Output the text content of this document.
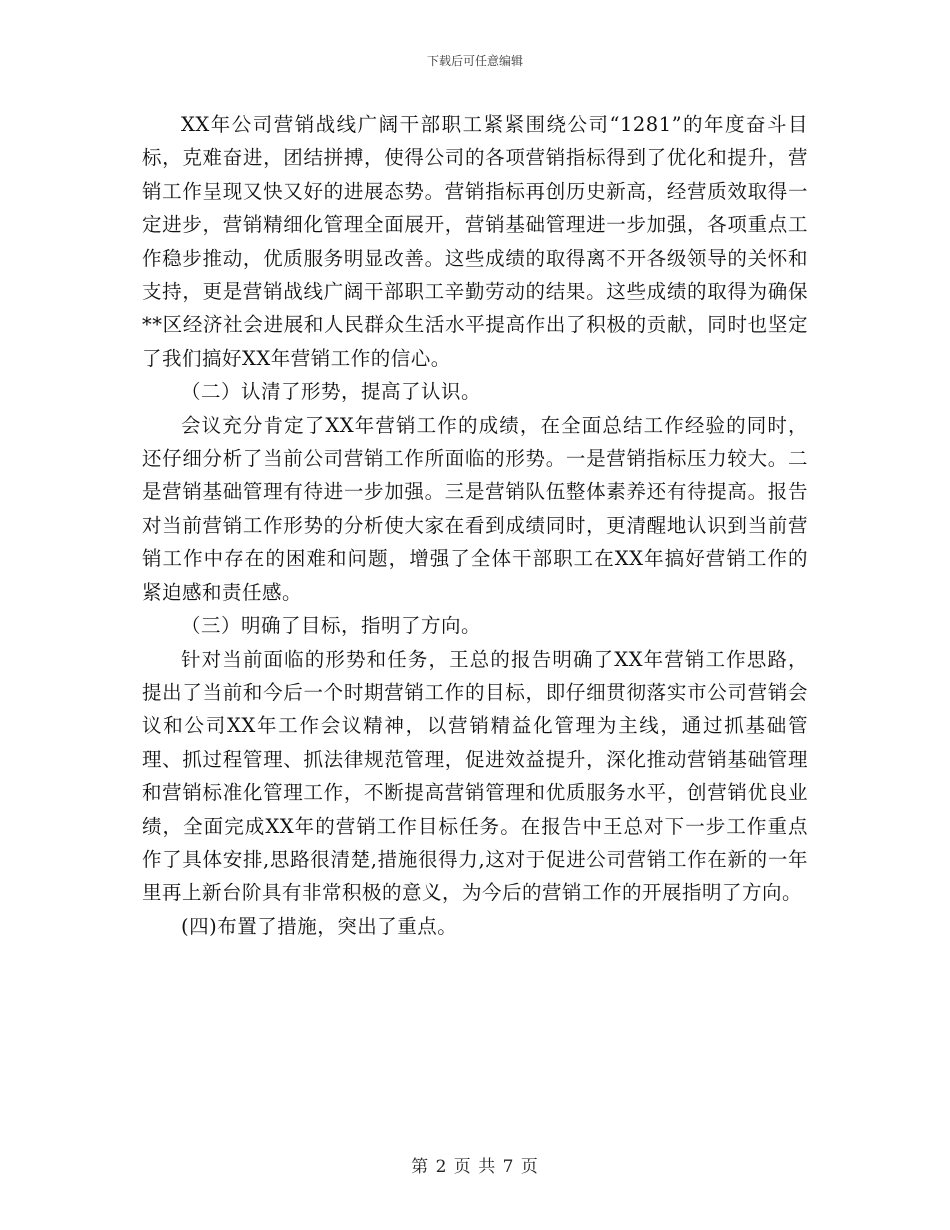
下载后可任意编辑

XX年公司营销战线广阔干部职工紧紧围绕公司“1281”的年度奋斗目标，克难奋进，团结拼搏，使得公司的各项营销指标得到了优化和提升，营销工作呈现又快又好的进展态势。营销指标再创历史新高，经营质效取得一定进步，营销精细化管理全面展开，营销基础管理进一步加强，各项重点工作稳步推动，优质服务明显改善。这些成绩的取得离不开各级领导的关怀和支持，更是营销战线广阔干部职工辛勤劳动的结果。这些成绩的取得为确保**区经济社会进展和人民群众生活水平提高作出了积极的贡献，同时也坚定了我们搞好XX年营销工作的信心。

（二）认清了形势，提高了认识。

会议充分肯定了XX年营销工作的成绩，在全面总结工作经验的同时，还仔细分析了当前公司营销工作所面临的形势。一是营销指标压力较大。二是营销基础管理有待进一步加强。三是营销队伍整体素养还有待提高。报告对当前营销工作形势的分析使大家在看到成绩同时，更清醒地认识到当前营销工作中存在的困难和问题，增强了全体干部职工在XX年搞好营销工作的紧迫感和责任感。

（三）明确了目标，指明了方向。

针对当前面临的形势和任务，王总的报告明确了XX年营销工作思路，提出了当前和今后一个时期营销工作的目标，即仔细贯彻落实市公司营销会议和公司XX年工作会议精神，以营销精益化管理为主线，通过抓基础管理、抓过程管理、抓法律规范管理，促进效益提升，深化推动营销基础管理和营销标准化管理工作，不断提高营销管理和优质服务水平，创营销优良业绩，全面完成XX年的营销工作目标任务。在报告中王总对下一步工作重点作了具体安排,思路很清楚,措施很得力,这对于促进公司营销工作在新的一年里再上新台阶具有非常积极的意义，为今后的营销工作的开展指明了方向。

(四)布置了措施，突出了重点。

第 2 页 共 7 页
